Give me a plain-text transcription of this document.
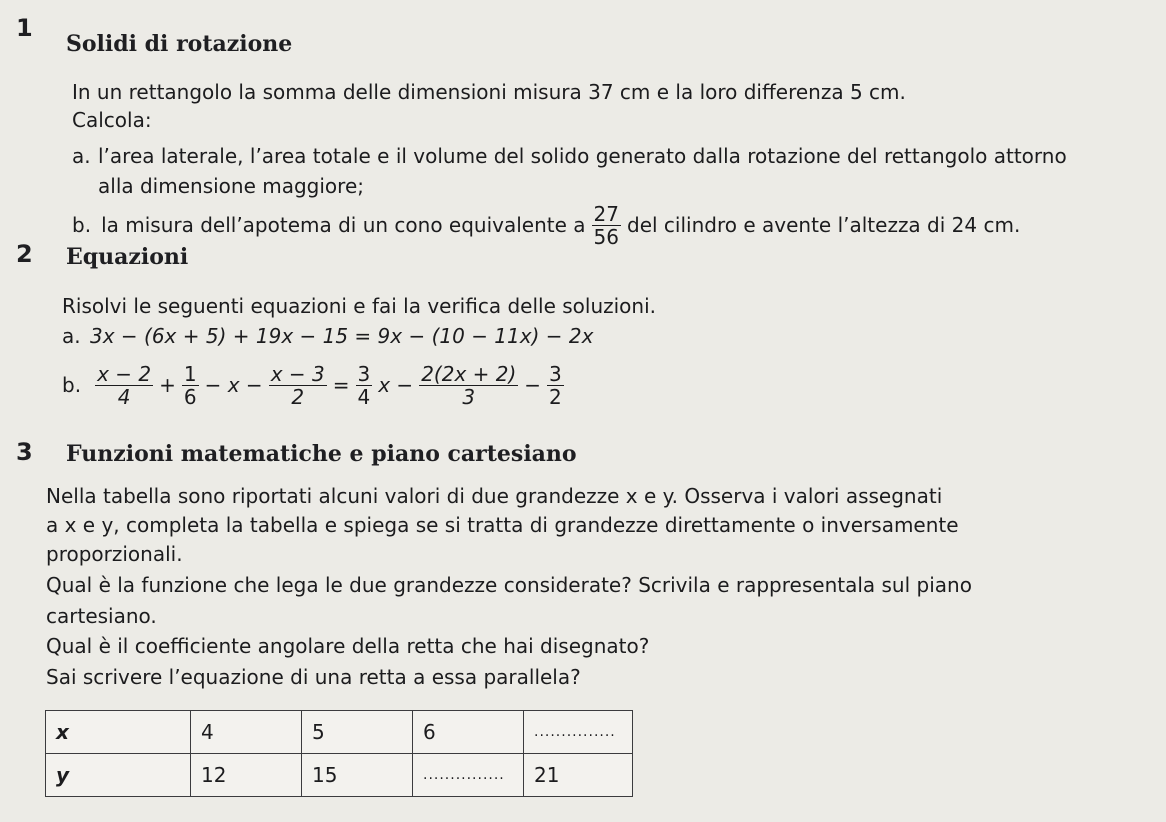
1
Solidi di rotazione
In un rettangolo la somma delle dimensioni misura 37 cm e la loro differenza 5 cm.
Calcola:
a. l’area laterale, l’area totale e il volume del solido generato dalla rotazione del rettangolo attorno
alla dimensione maggiore;
b. la misura dell’apotema di un cono equivalente a $\frac{27}{56}$ del cilindro e avente l’altezza di 24 cm.
2 Equazioni
Risolvi le seguenti equazioni e fai la verifica delle soluzioni.
a. 3x − (6x + 5) + 19x − 15 = 9x − (10 − 11x) − 2x
b. $\frac{x - 2}{4} + \frac{1}{6} - x - \frac{x - 3}{2} = \frac{3}{4}$ $x - \frac{2(2x + 2)}{3} - \frac{3}{2}$
3 Funzioni matematiche e piano cartesiano
Nella tabella sono riportati alcuni valori di due grandezze x e y. Osserva i valori assegnati
a x e y, completa la tabella e spiega se si tratta di grandezze direttamente o inversamente
proporzionali.
Qual è la funzione che lega le due grandezze considerate? Scrivila e rappresentala sul piano
cartesiano.
Qual è il coefficiente angolare della retta che hai disegnato?
Sai scrivere l’equazione di una retta a essa parallela?
x	4	5	6	...............
y	12	15	...............	21
